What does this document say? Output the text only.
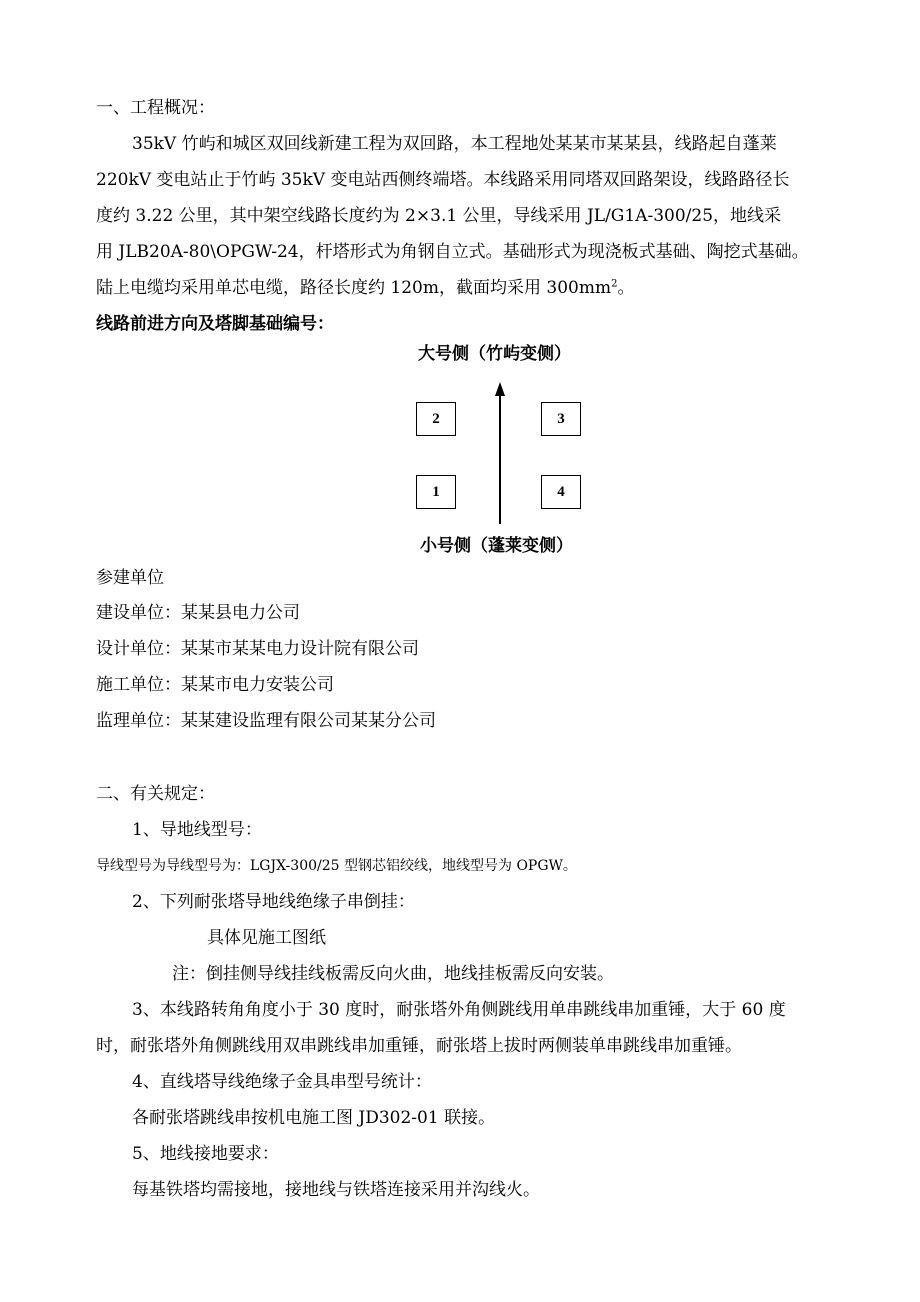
一、工程概况：
35kV 竹屿和城区双回线新建工程为双回路，本工程地处某某市某某县，线路起自蓬莱
220kV 变电站止于竹屿 35kV 变电站西侧终端塔。本线路采用同塔双回路架设，线路路径长
度约 3.22 公里，其中架空线路长度约为 2×3.1 公里，导线采用 JL/G1A-300/25，地线采
用 JLB20A-80\OPGW-24，杆塔形式为角钢自立式。基础形式为现浇板式基础、陶挖式基础。
陆上电缆均采用单芯电缆，路径长度约 120m，截面均采用 $300mm^2$。
线路前进方向及塔脚基础编号：
大号侧（竹屿变侧）
2	3
1	4
小号侧（蓬莱变侧）
参建单位
建设单位：某某县电力公司
设计单位：某某市某某电力设计院有限公司
施工单位：某某市电力安装公司
监理单位：某某建设监理有限公司某某分公司
二、有关规定：
1、导地线型号：
导线型号为导线型号为：LGJX-300/25 型钢芯铝绞线，地线型号为 OPGW。
2、下列耐张塔导地线绝缘子串倒挂：
具体见施工图纸
注：倒挂侧导线挂线板需反向火曲，地线挂板需反向安装。
3、本线路转角角度小于 30 度时，耐张塔外角侧跳线用单串跳线串加重锤，大于 60 度
时，耐张塔外角侧跳线用双串跳线串加重锤，耐张塔上拔时两侧装单串跳线串加重锤。
4、直线塔导线绝缘子金具串型号统计：
各耐张塔跳线串按机电施工图 JD302-01 联接。
5、地线接地要求：
每基铁塔均需接地，接地线与铁塔连接采用并沟线火。
